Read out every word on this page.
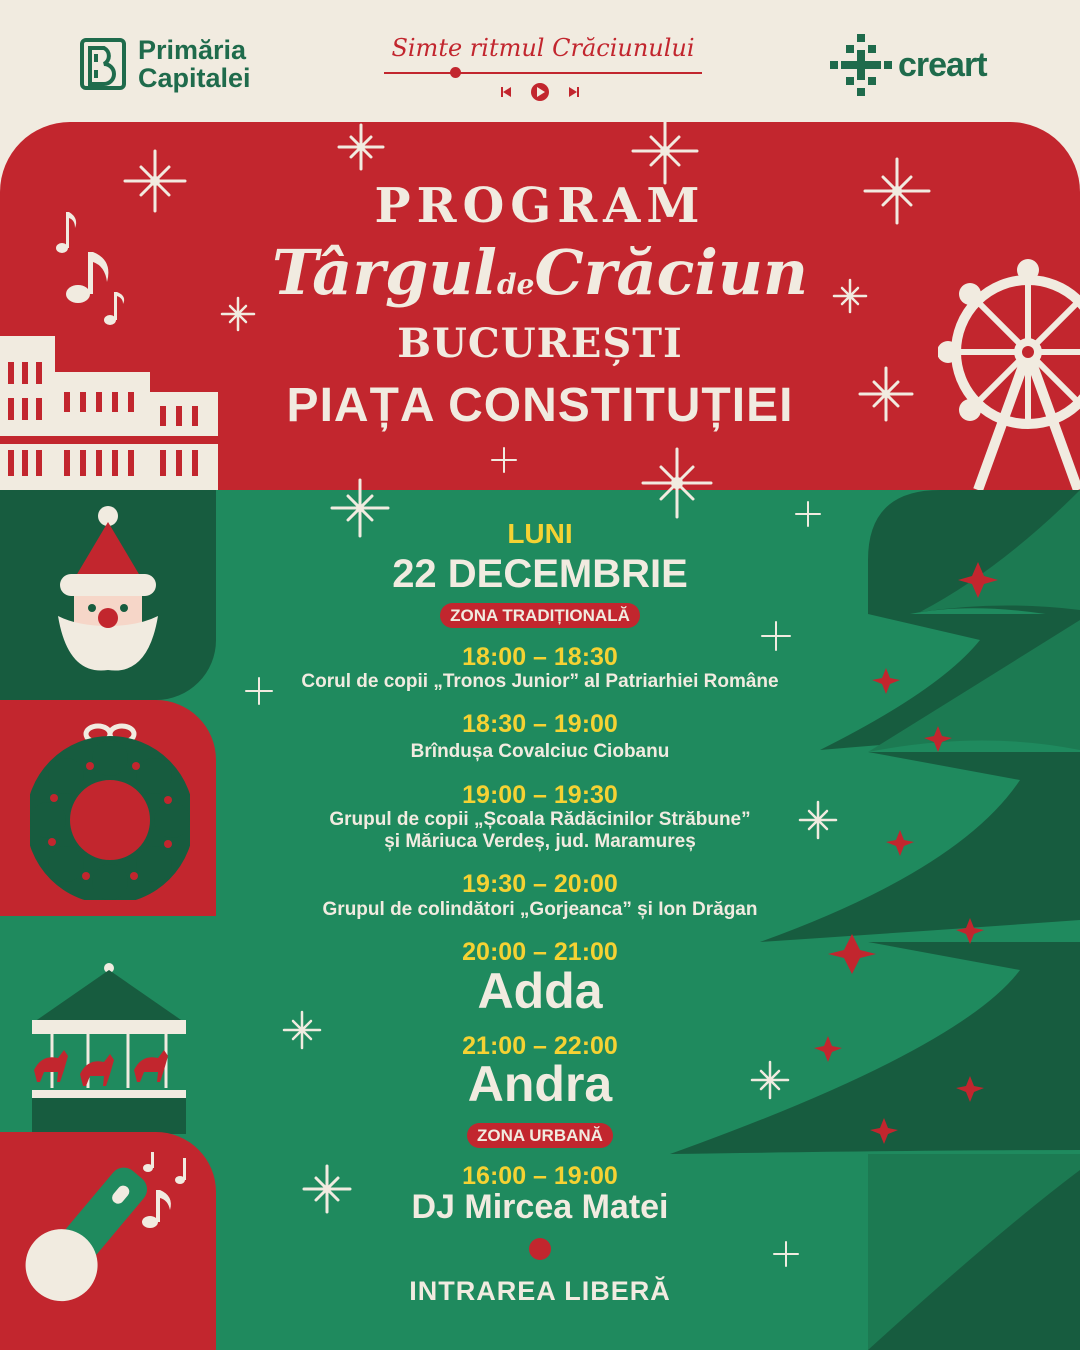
Primăria
Capitalei
Simte ritmul Crăciunului	creart
PROGRAM
TârguldeCrăciun
BUCUREȘTI
PIAȚA CONSTITUȚIEI
LUNI
22 DECEMBRIE
ZONA TRADIȚIONALĂ
18:00 – 18:30
Corul de copii „Tronos Junior” al Patriarhiei Române
18:30 – 19:00
Brîndușa Covalciuc Ciobanu
19:00 – 19:30
Grupul de copii „Școala Rădăcinilor Străbune”
și Măriuca Verdeș, jud. Maramureș
19:30 – 20:00
Grupul de colindători „Gorjeanca” și Ion Drăgan
20:00 – 21:00
Adda
21:00 – 22:00
Andra
ZONA URBANĂ
16:00 – 19:00
DJ Mircea Matei
INTRAREA LIBERĂ
